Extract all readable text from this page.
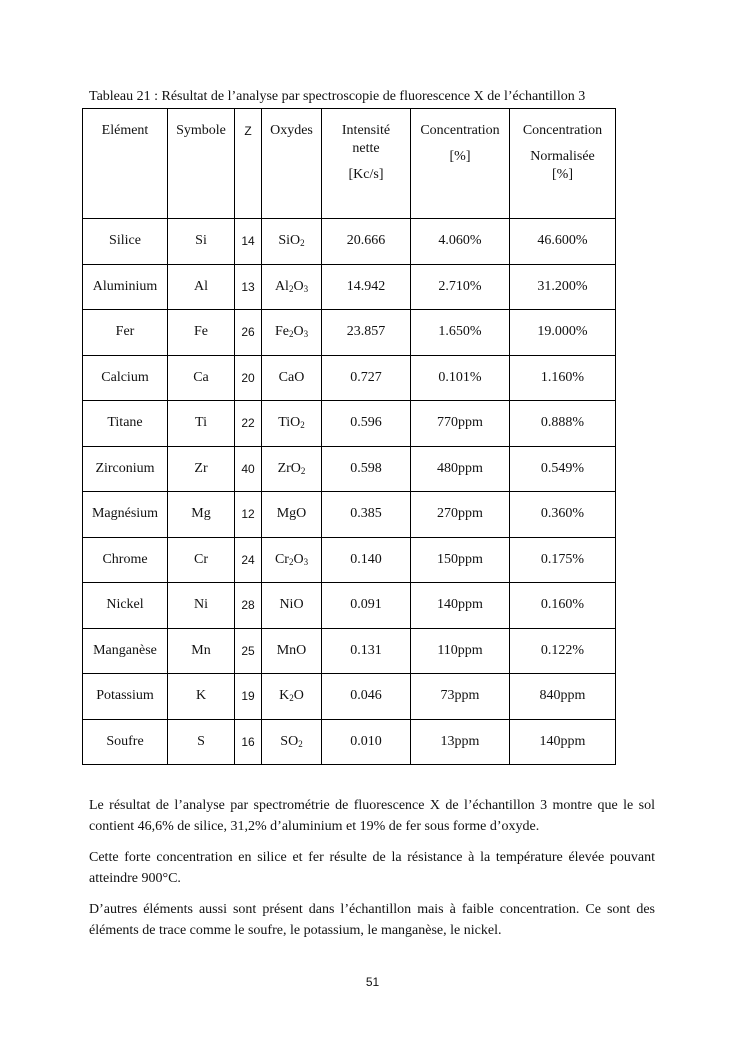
Tableau 21 : Résultat de l’analyse par spectroscopie de fluorescence X de l’échantillon 3
Elément	Symbole	Z	Oxydes	Intensité
nette
[Kc/s]	Concentration
[%]	Concentration
Normalisée
[%]

Silice	Si	14	SiO$_2$	20.666	4.060%	46.600%
Aluminium	Al	13	$Al_2O_3$	14.942	2.710%	31.200%
Fer	Fe	26	$Fe_2O_3$	23.857	1.650%	19.000%
Calcium	Ca	20	CaO	0.727	0.101%	1.160%
Titane	Ti	22	TiO$_2$	0.596	770ppm	0.888%
Zirconium	Zr	40	ZrO$_2$	0.598	480ppm	0.549%
Magnésium	Mg	12	MgO	0.385	270ppm	0.360%
Chrome	Cr	24	$Cr_2O_3$	0.140	150ppm	0.175%
Nickel	Ni	28	NiO	0.091	140ppm	0.160%
Manganèse	Mn	25	MnO	0.131	110ppm	0.122%
Potassium	K	19	$K_2O$	0.046	73ppm	840ppm
Soufre	S	16	$SO_2$	0.010	13ppm	140ppm

Le résultat de l’analyse par spectrométrie de fluorescence X de l’échantillon 3 montre que le sol contient 46,6% de silice, 31,2% d’aluminium et 19% de fer sous forme d’oxyde.

Cette forte concentration en silice et fer résulte de la résistance à la température élevée pouvant atteindre 900°C.

D’autres éléments aussi sont présent dans l’échantillon mais à faible concentration. Ce sont des éléments de trace comme le soufre, le potassium, le manganèse, le nickel.

51
